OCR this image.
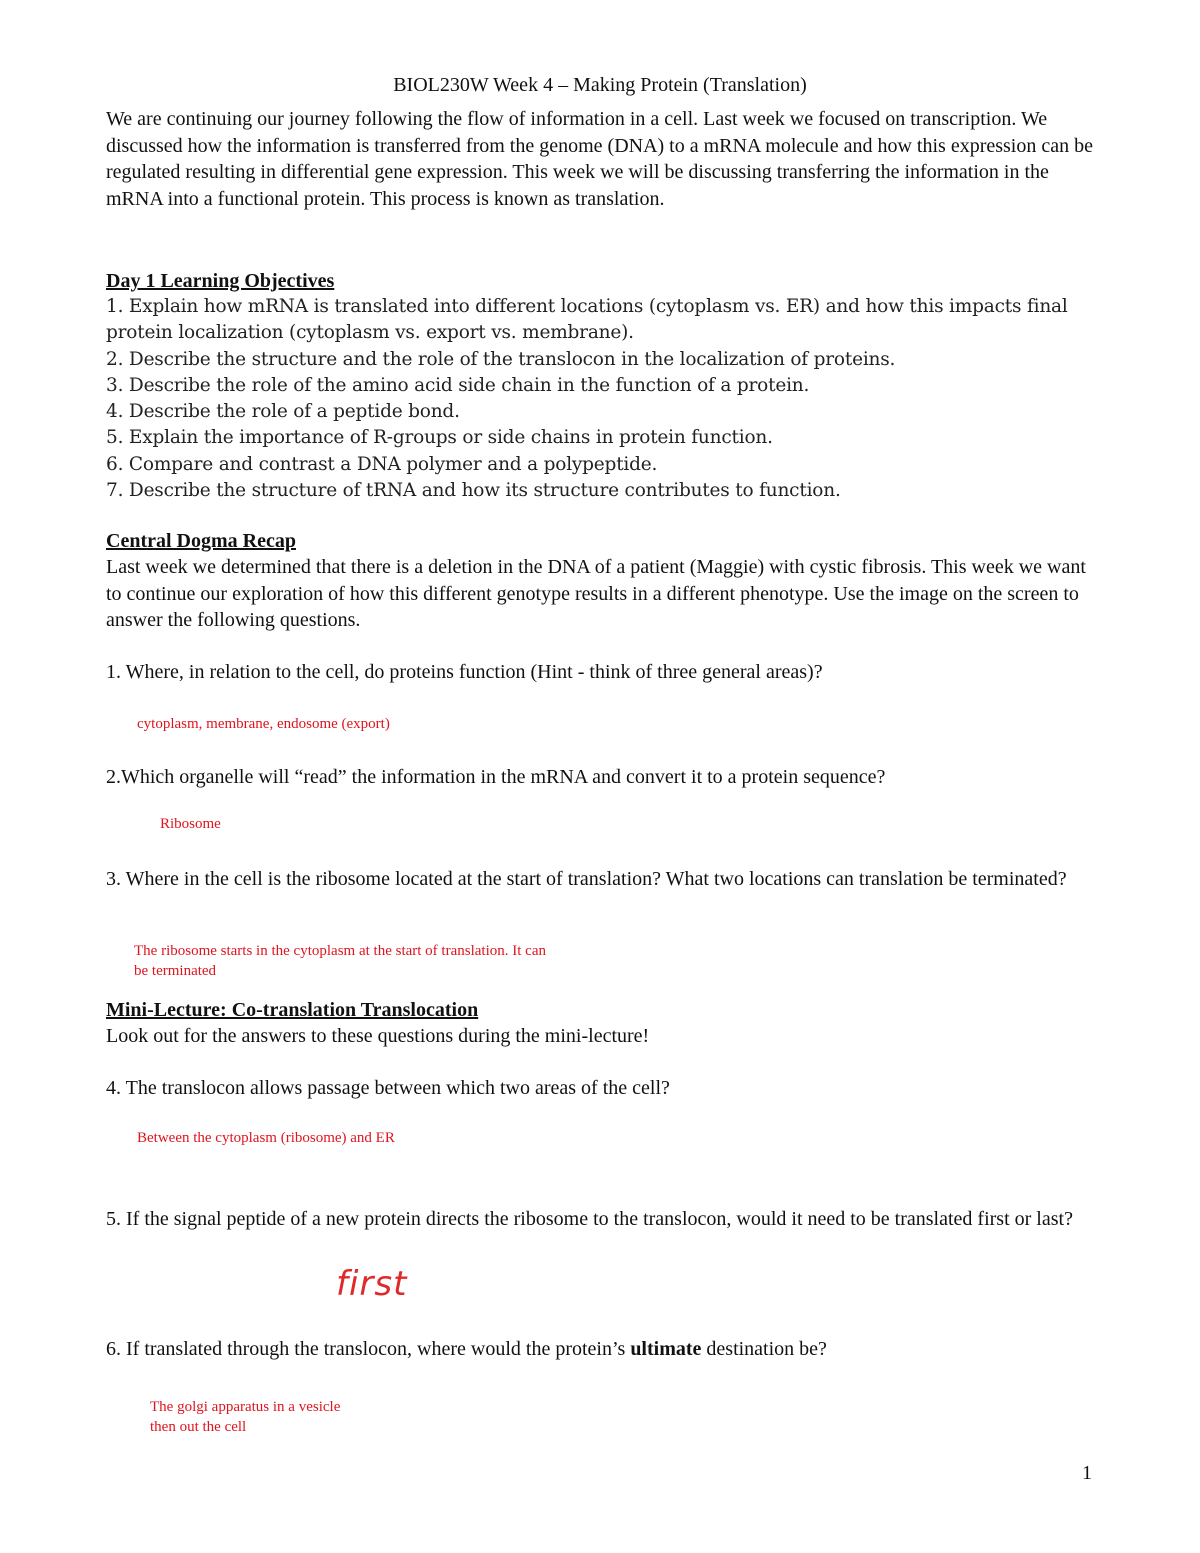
BIOL230W Week 4 – Making Protein (Translation)
We are continuing our journey following the flow of information in a cell. Last week we focused on transcription. We discussed how the information is transferred from the genome (DNA) to a mRNA molecule and how this expression can be regulated resulting in differential gene expression. This week we will be discussing transferring the information in the mRNA into a functional protein. This process is known as translation.
Day 1 Learning Objectives
1. Explain how mRNA is translated into different locations (cytoplasm vs. ER) and how this impacts final protein localization (cytoplasm vs. export vs. membrane).
2. Describe the structure and the role of the translocon in the localization of proteins.
3. Describe the role of the amino acid side chain in the function of a protein.
4. Describe the role of a peptide bond.
5. Explain the importance of R-groups or side chains in protein function.
6. Compare and contrast a DNA polymer and a polypeptide.
7. Describe the structure of tRNA and how its structure contributes to function.
Central Dogma Recap
Last week we determined that there is a deletion in the DNA of a patient (Maggie) with cystic fibrosis. This week we want to continue our exploration of how this different genotype results in a different phenotype. Use the image on the screen to answer the following questions.
1. Where, in relation to the cell, do proteins function (Hint - think of three general areas)?
cytoplasm, membrane, endosome (export)
2.Which organelle will “read” the information in the mRNA and convert it to a protein sequence?
Ribosome
3. Where in the cell is the ribosome located at the start of translation? What two locations can translation be terminated?
The ribosome starts in the cytoplasm at the start of translation. It can
be terminated
Mini-Lecture: Co-translation Translocation
Look out for the answers to these questions during the mini-lecture!
4. The translocon allows passage between which two areas of the cell?
Between the cytoplasm (ribosome) and ER
5. If the signal peptide of a new protein directs the ribosome to the translocon, would it need to be translated first or last?
first
6. If translated through the translocon, where would the protein’s ultimate destination be?
The golgi apparatus in a vesicle
then out the cell
1
